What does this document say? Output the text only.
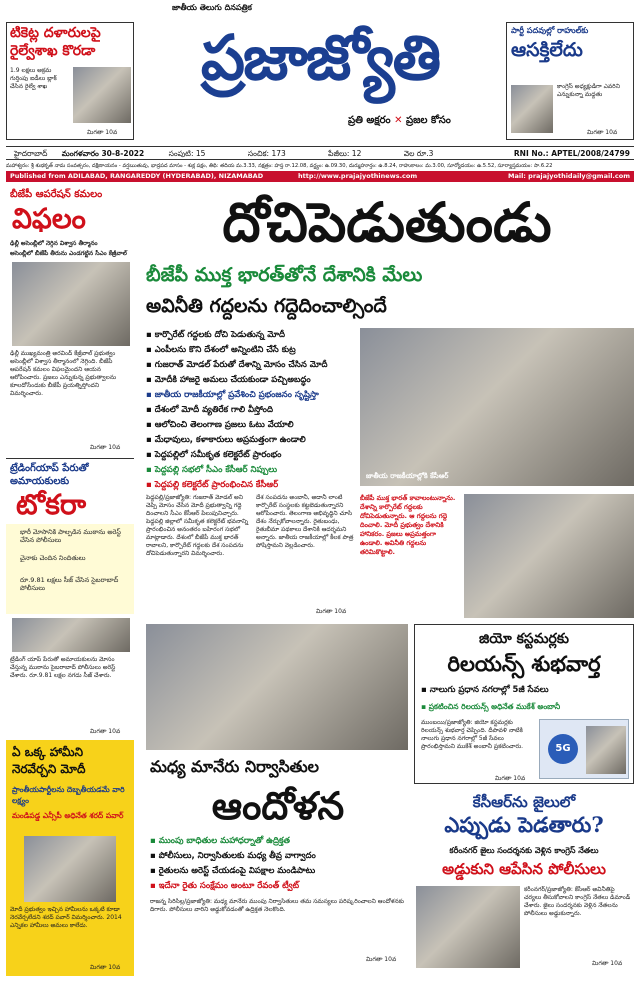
టికెట్ల దళారులపై
రైల్వేశాఖ కొరడా
1.9 లక్షలు అక్రమ గుర్తింపు ఐడీలు బ్లాక్ చేసిన రైల్వే శాఖ
మిగతా 10వ
జాతీయ తెలుగు దినపత్రిక
ప్రజాజ్యోతి
ప్రతి అక్షరం ✕ ప్రజల కోసం
పార్టీ పదవుల్లో రాహుల్‌కు
ఆసక్తిలేదు
కాంగ్రెస్ అధ్యక్షుడిగా ఎవరిని ఎన్నుకున్నా మద్దతు
మిగతా 10వ
హైదరాబాద్ మంగళవారం 30-8-2022	సంపుటి: 15	సంచిక: 173	పేజీలు: 12	వెల రూ.3	RNI No.: APTEL/2008/24799
మహాశ్వరం: శ్రీ శుభకృత్ నామ సంవత్సరం, దక్షిణాయనం - వర్షఋతువు, భాద్రపద మాసం - శుక్ల పక్షం, తిథి: తదియ మ.3.33, నక్షత్రం: హస్త రా.12.08, వర్జ్యం: ఉ.09.30, దుర్ముహూర్తం: ఉ.8.24, రాహుకాలం: మ.3.00, సూర్యోదయం: ఉ.5.52, సూర్యాస్తమయం: సా.6.22
Published from ADILABAD, RANGAREDDY (HYDERABAD), NIZAMABAD	http://www.prajajyothinews.com	Mail: prajajyothidaily@gmail.com
బీజేపీ ఆపరేషన్ కమలం
విఫలం
ఢిల్లీ అసెంబ్లీలో నెగ్గిన విశ్వాస తీర్మానం
అసెంబ్లీలో బీజేపీ తీరును ఎండగట్టిన సీఎం కేజ్రీవాల్
ఢిల్లీ ముఖ్యమంత్రి అరవింద్ కేజ్రీవాల్ ప్రభుత్వం అసెంబ్లీలో విశ్వాస తీర్మానంలో నెగ్గింది. బీజేపీ ఆపరేషన్ కమలం విఫలమైందని ఆయన ఆరోపించారు. ప్రజలు ఎన్నుకున్న ప్రభుత్వాలను కూలదోసేందుకు బీజేపీ ప్రయత్నిస్తోందని విమర్శించారు.
మిగతా 10వ
ట్రేడింగ్‌యాప్ పేరుతో
అమాయకులకు
టోకరా
భారీ మోసానికి పాల్పడిన ముఠాను అరెస్ట్ చేసిన పోలీసులు
చైనాకు చెందిన నిందితులు
రూ.9.81 లక్షలు సీజ్ చేసిన సైబరాబాద్ పోలీసులు
ట్రేడింగ్ యాప్ పేరుతో అమాయకులను మోసం చేస్తున్న ముఠాను సైబరాబాద్ పోలీసులు అరెస్ట్ చేశారు. రూ.9.81 లక్షల నగదు సీజ్ చేశారు.
మిగతా 10వ
ఏ ఒక్క హామీని నెరవేర్చని మోదీ
ప్రాంతీయపార్టీలను దెబ్బతీయడమే వారి లక్ష్యం
మండిపడ్డ ఎన్సీపీ అధినేత శరద్ పవార్
మోదీ ప్రభుత్వం ఇచ్చిన హామీలను ఒక్కటి కూడా నెరవేర్చలేదని శరద్ పవార్ విమర్శించారు. 2014 ఎన్నికల హామీలు అమలు కాలేదు.
మిగతా 10వ
దోచిపెడుతుండు
బీజేపీ ముక్త భారత్‌తోనే దేశానికి మేలు
అవినీతి గద్దలను గద్దెదించాల్సిందే
▪ కార్పొరేట్ గద్దలకు దోచి పెడుతున్న మోదీ
▪ ఎంపీలను కొని దేశంలో అన్నింటిని చేసే కుట్ర
▪ గుజరాత్ మోడల్ పేరుతో దేశాన్ని మోసం చేసిన మోదీ
▪ మోదీకి హాజరై అమలు చేయకుండా పచ్చిఅబద్ధం
▪ జాతీయ రాజకీయాల్లో ప్రవేశించి ప్రభంజనం సృష్టిస్తా
▪ దేశంలో మోదీ వ్యతిరేక గాలి వీస్తోంది
▪ ఆలోచించి తెలంగాణ ప్రజలు ఓటు వేయాలి
▪ మేధావులు, కళాకారులు అప్రమత్తంగా ఉండాలి
▪ పెద్దపల్లిలో సమీకృత కలెక్టరేట్ ప్రారంభం
▪ పెద్దపల్లి సభలో సీఎం కేసీఆర్ నిప్పులు
▪ పెద్దపల్లి కలెక్టరేట్ ప్రారంభించిన కేసీఆర్
జాతీయ రాజకీయాల్లోకి కేసీఆర్
పెద్దపల్లి/ప్రజాజ్యోతి: గుజరాత్ మోడల్ అని చెప్పి మోసం చేసిన మోదీ ప్రభుత్వాన్ని గద్దె దించాలని సీఎం కేసీఆర్ పిలుపునిచ్చారు. పెద్దపల్లి జిల్లాలో సమీకృత కలెక్టరేట్ భవనాన్ని ప్రారంభించిన అనంతరం బహిరంగ సభలో మాట్లాడారు. దేశంలో బీజేపీ ముక్త భారత్ రావాలని, కార్పొరేట్ గద్దలకు దేశ సంపదను దోచిపెడుతున్నారని విమర్శించారు.
దేశ సంపదను అంబానీ, అదానీ లాంటి కార్పొరేట్ సంస్థలకు కట్టబెడుతున్నారని ఆరోపించారు. తెలంగాణ అభివృద్ధిని చూసి దేశం నేర్చుకోవాలన్నారు. రైతుబంధు, రైతుబీమా పథకాలు దేశానికి ఆదర్శమని అన్నారు. జాతీయ రాజకీయాల్లో కీలక పాత్ర పోషిస్తామని వెల్లడించారు.
మిగతా 10వ
బీజేపీ ముక్త భారత్ కావాలంటున్నాను. దేశాన్ని కార్పొరేట్ గద్దలకు దోచిపెడుతున్నారు. ఆ గద్దలను గద్దె దించాలి. మోదీ ప్రభుత్వం దేశానికి హానికరం. ప్రజలు అప్రమత్తంగా ఉండాలి. అవినీతి గద్దలను తరిమికొట్టాలి.
మధ్య మానేరు నిర్వాసితుల
ఆందోళన
▪ ముంపు బాధితుల మహాధర్నాతో ఉద్రిక్తత
▪ పోలీసులు, నిర్వాసితులకు మధ్య తీవ్ర వాగ్వాదం
▪ రైతులను అరెస్ట్ చేయడంపై విపక్షాల మండిపాటు
▪ ఇదేనా రైతు సంక్షేమం అంటూ రేవంత్ ట్వీట్
రాజన్న సిరిసిల్ల/ప్రజాజ్యోతి: మధ్య మానేరు ముంపు నిర్వాసితులు తమ సమస్యలు పరిష్కరించాలని ఆందోళనకు దిగారు. పోలీసులు వారిని అడ్డుకోవడంతో ఉద్రిక్తత నెలకొంది.
మిగతా 10వ
జియో కస్టమర్లకు
రిలయన్స్ శుభవార్త
▪ నాలుగు ప్రధాన నగరాల్లో 5జీ సేవలు
▪ ప్రకటించిన రిలయన్స్ అధినేత ముకేశ్ అంబానీ
ముంబయి/ప్రజాజ్యోతి: జియో కస్టమర్లకు రిలయన్స్ శుభవార్త చెప్పింది. దీపావళి నాటికి నాలుగు ప్రధాన నగరాల్లో 5జీ సేవలు ప్రారంభిస్తామని ముకేశ్ అంబానీ ప్రకటించారు.
మిగతా 10వ
5G
కేసీఆర్‌ను జైలులో
ఎప్పుడు పెడతారు?
కరీంనగర్ జైలు సందర్శనకు వెళ్లిన కాంగ్రెస్ నేతలు
అడ్డుకుని ఆపేసిన పోలీసులు
కరీంనగర్/ప్రజాజ్యోతి: కేసీఆర్ అవినీతిపై చర్యలు తీసుకోవాలని కాంగ్రెస్ నేతలు డిమాండ్ చేశారు. జైలు సందర్శనకు వెళ్లిన నేతలను పోలీసులు అడ్డుకున్నారు.
మిగతా 10వ
